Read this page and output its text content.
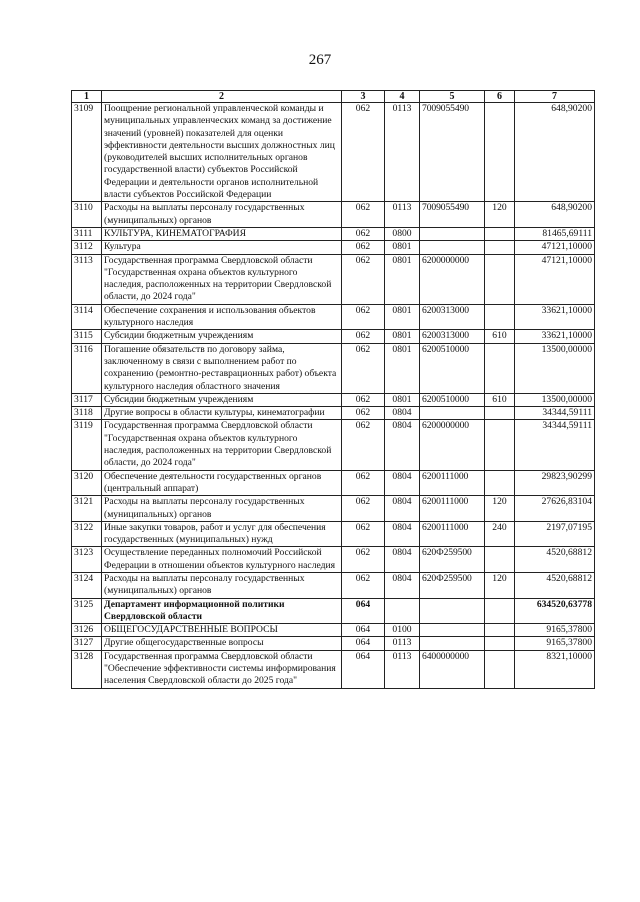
267
1	2	3	4	5	6	7
3109	Поощрение региональной управленческой команды и муниципальных управленческих команд за достижение значений (уровней) показателей для оценки эффективности деятельности высших должностных лиц (руководителей высших исполнительных органов государственной власти) субъектов Российской Федерации и деятельности органов исполнительной власти субъектов Российской Федерации	062	0113	7009055490		648,90200
3110	Расходы на выплаты персоналу государственных (муниципальных) органов	062	0113	7009055490	120	648,90200
3111	КУЛЬТУРА, КИНЕМАТОГРАФИЯ	062	0800			81465,69111
3112	Культура	062	0801			47121,10000
3113	Государственная программа Свердловской области "Государственная охрана объектов культурного наследия, расположенных на территории Свердловской области, до 2024 года"	062	0801	6200000000		47121,10000
3114	Обеспечение сохранения и использования объектов культурного наследия	062	0801	6200313000		33621,10000
3115	Субсидии бюджетным учреждениям	062	0801	6200313000	610	33621,10000
3116	Погашение обязательств по договору займа, заключенному в связи с выполнением работ по сохранению (ремонтно-реставрационных работ) объекта культурного наследия областного значения	062	0801	6200510000		13500,00000
3117	Субсидии бюджетным учреждениям	062	0801	6200510000	610	13500,00000
3118	Другие вопросы в области культуры, кинематографии	062	0804			34344,59111
3119	Государственная программа Свердловской области "Государственная охрана объектов культурного наследия, расположенных на территории Свердловской области, до 2024 года"	062	0804	6200000000		34344,59111
3120	Обеспечение деятельности государственных органов (центральный аппарат)	062	0804	6200111000		29823,90299
3121	Расходы на выплаты персоналу государственных (муниципальных) органов	062	0804	6200111000	120	27626,83104
3122	Иные закупки товаров, работ и услуг для обеспечения государственных (муниципальных) нужд	062	0804	6200111000	240	2197,07195
3123	Осуществление переданных полномочий Российской Федерации в отношении объектов культурного наследия	062	0804	620Ф259500		4520,68812
3124	Расходы на выплаты персоналу государственных (муниципальных) органов	062	0804	620Ф259500	120	4520,68812
3125	Департамент информационной политики Свердловской области	064				634520,63778
3126	ОБЩЕГОСУДАРСТВЕННЫЕ ВОПРОСЫ	064	0100			9165,37800
3127	Другие общегосударственные вопросы	064	0113			9165,37800
3128	Государственная программа Свердловской области "Обеспечение эффективности системы информирования населения Свердловской области до 2025 года"	064	0113	6400000000		8321,10000
